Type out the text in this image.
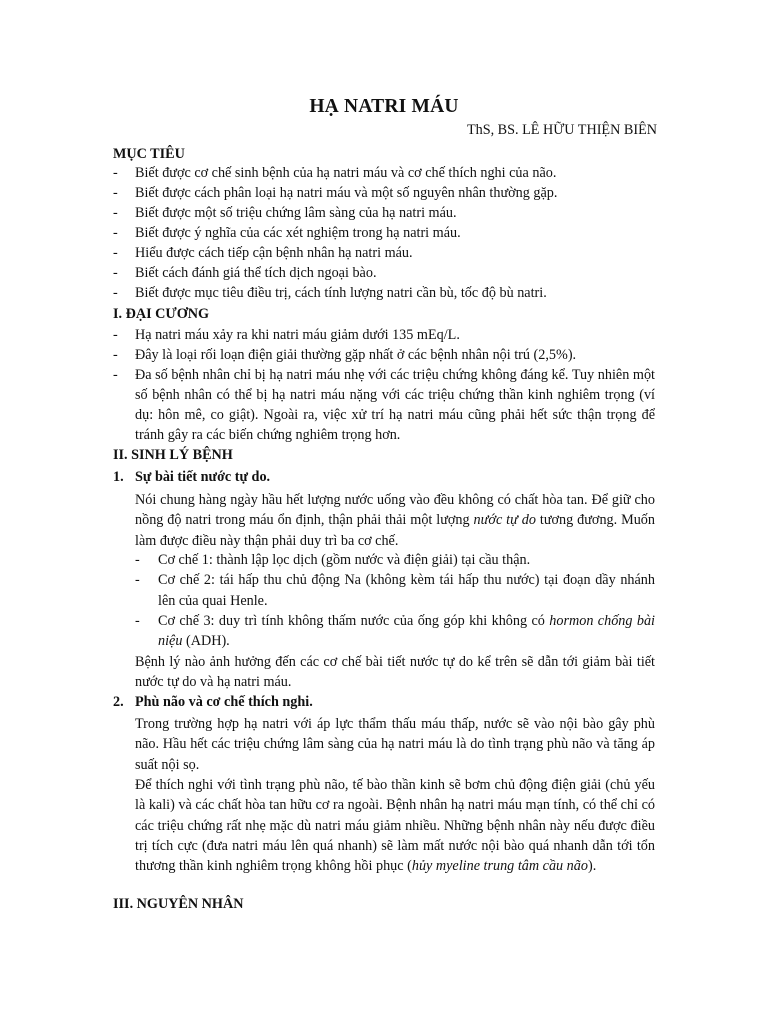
HẠ NATRI MÁU
ThS, BS. LÊ HỮU THIỆN BIÊN
MỤC TIÊU
- Biết được cơ chế sinh bệnh của hạ natri máu và cơ chế thích nghi của não.
- Biết được cách phân loại hạ natri máu và một số nguyên nhân thường gặp.
- Biết được một số triệu chứng lâm sàng của hạ natri máu.
- Biết được ý nghĩa của các xét nghiệm trong hạ natri máu.
- Hiểu được cách tiếp cận bệnh nhân hạ natri máu.
- Biết cách đánh giá thể tích dịch ngoại bào.
- Biết được mục tiêu điều trị, cách tính lượng natri cần bù, tốc độ bù natri.
I. ĐẠI CƯƠNG
- Hạ natri máu xảy ra khi natri máu giảm dưới 135 mEq/L.
- Đây là loại rối loạn điện giải thường gặp nhất ở các bệnh nhân nội trú (2,5%).
- Đa số bệnh nhân chỉ bị hạ natri máu nhẹ với các triệu chứng không đáng kể. Tuy nhiên một số bệnh nhân có thể bị hạ natri máu nặng với các triệu chứng thần kinh nghiêm trọng (ví dụ: hôn mê, co giật). Ngoài ra, việc xử trí hạ natri máu cũng phải hết sức thận trọng để tránh gây ra các biến chứng nghiêm trọng hơn.
II. SINH LÝ BỆNH
1. Sự bài tiết nước tự do.

Nói chung hàng ngày hầu hết lượng nước uống vào đều không có chất hòa tan. Để giữ cho nồng độ natri trong máu ổn định, thận phải thải một lượng nước tự do tương đương. Muốn làm được điều này thận phải duy trì ba cơ chế.

- Cơ chế 1: thành lập lọc dịch (gồm nước và điện giải) tại cầu thận.
- Cơ chế 2: tái hấp thu chủ động Na (không kèm tái hấp thu nước) tại đoạn dầy nhánh lên của quai Henle.
- Cơ chế 3: duy trì tính không thấm nước của ống góp khi không có hormon chống bài niệu (ADH).

Bệnh lý nào ảnh hưởng đến các cơ chế bài tiết nước tự do kể trên sẽ dẫn tới giảm bài tiết nước tự do và hạ natri máu.

2. Phù não và cơ chế thích nghi.

Trong trường hợp hạ natri với áp lực thẩm thấu máu thấp, nước sẽ vào nội bào gây phù não. Hầu hết các triệu chứng lâm sàng của hạ natri máu là do tình trạng phù não và tăng áp suất nội sọ.

Để thích nghi với tình trạng phù não, tế bào thần kinh sẽ bơm chủ động điện giải (chủ yếu là kali) và các chất hòa tan hữu cơ ra ngoài. Bệnh nhân hạ natri máu mạn tính, có thể chỉ có các triệu chứng rất nhẹ mặc dù natri máu giảm nhiều. Những bệnh nhân này nếu được điều trị tích cực (đưa natri máu lên quá nhanh) sẽ làm mất nước nội bào quá nhanh dẫn tới tổn thương thần kinh nghiêm trọng không hồi phục (hủy myeline trung tâm cầu não).

III. NGUYÊN NHÂN
